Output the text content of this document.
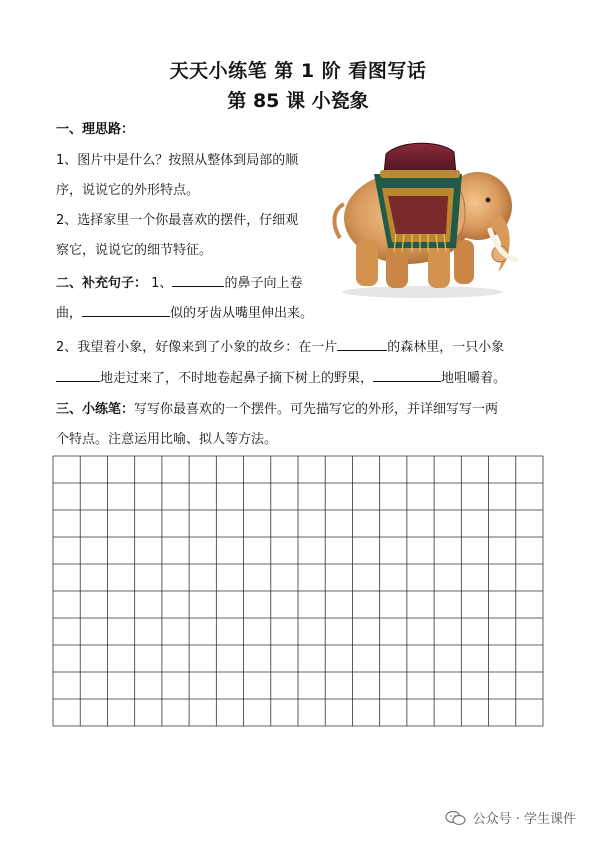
天天小练笔 第 1 阶 看图写话
第 85 课 小瓷象
一、理思路：
1、图片中是什么？按照从整体到局部的顺
序，说说它的外形特点。
2、选择家里一个你最喜欢的摆件，仔细观
察它，说说它的细节特征。
二、补充句子： 1、	的鼻子向上卷
曲，	似的牙齿从嘴里伸出来。
2、我望着小象，好像来到了小象的故乡：在一片	的森林里，一只小象
地走过来了，不时地卷起鼻子摘下树上的野果，	地咀嚼着。
三、小练笔：写写你最喜欢的一个摆件。可先描写它的外形，并详细写写一两
个特点。注意运用比喻、拟人等方法。
公众号 · 学生课件
